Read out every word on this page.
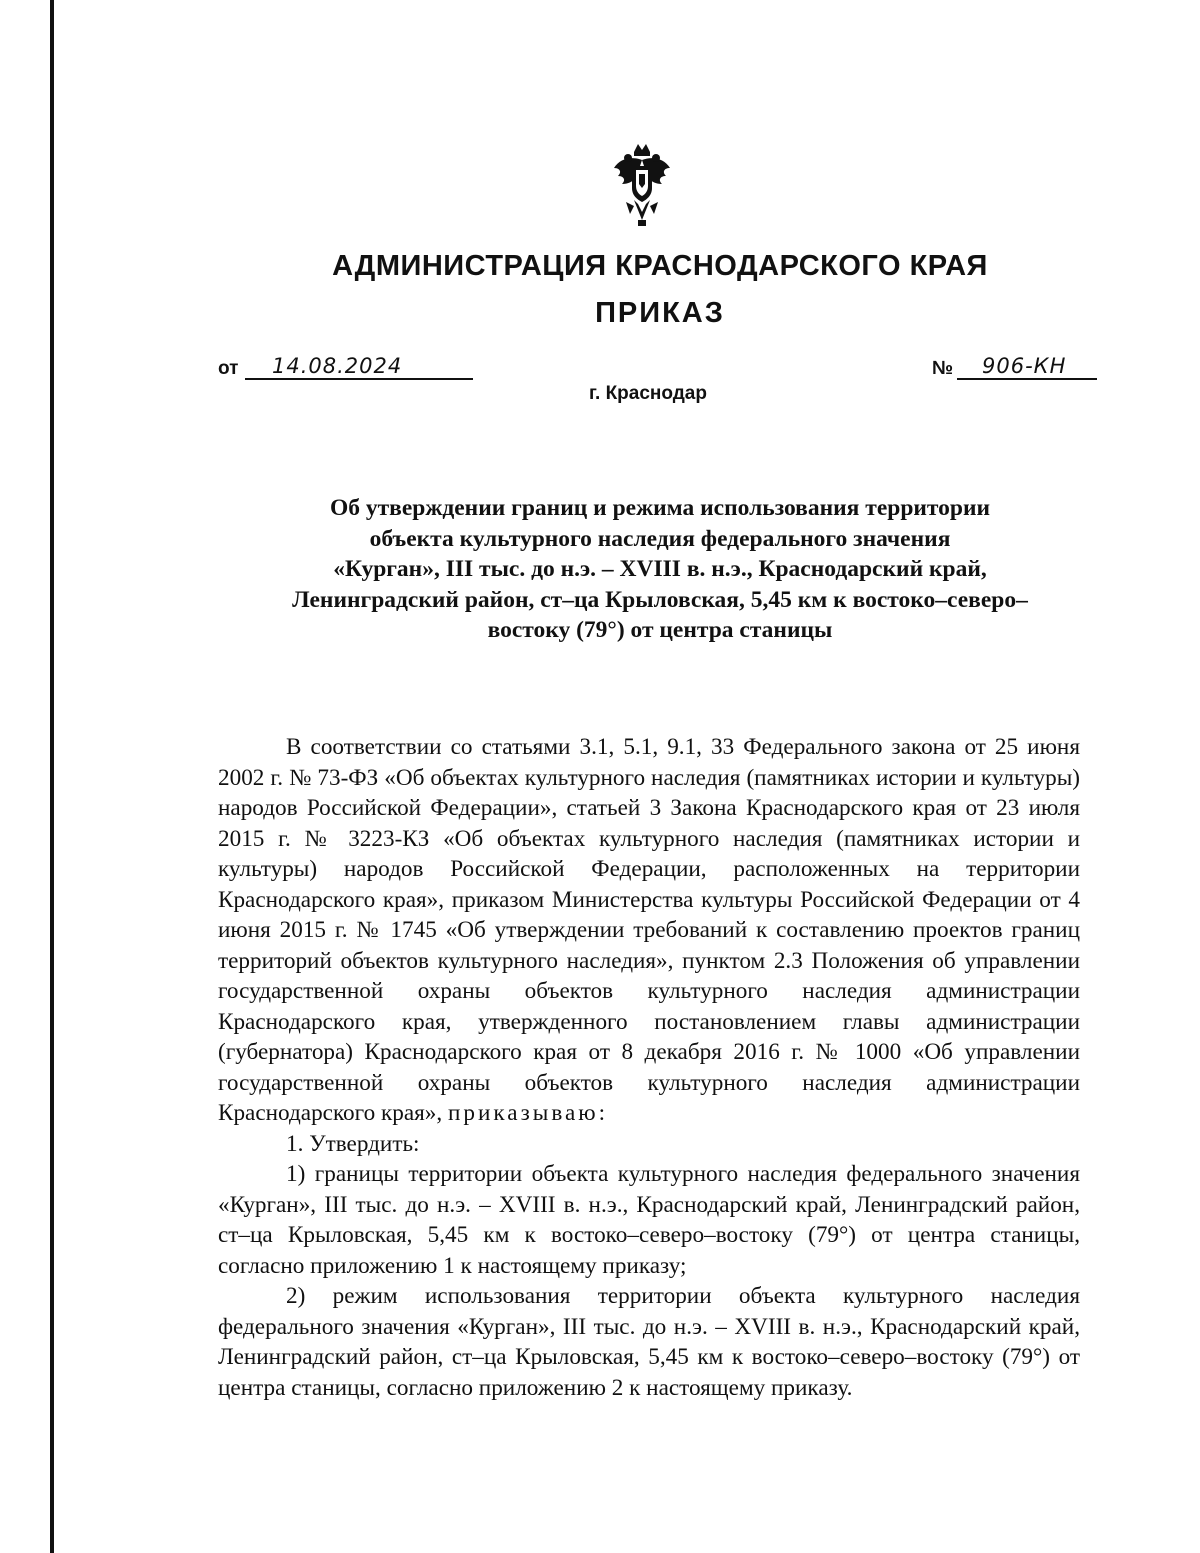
АДМИНИСТРАЦИЯ КРАСНОДАРСКОГО КРАЯ
ПРИКАЗ
от 14.08.2024
г. Краснодар
№ 906-КН
Об утверждении границ и режима использования территории
объекта культурного наследия федерального значения
«Курган», III тыс. до н.э. – XVIII в. н.э., Краснодарский край,
Ленинградский район, ст–ца Крыловская, 5,45 км к востоко–северо–
востоку (79°) от центра станицы

В соответствии со статьями 3.1, 5.1, 9.1, 33 Федерального закона от 25 июня 2002 г. № 73-ФЗ «Об объектах культурного наследия (памятниках истории и культуры) народов Российской Федерации», статьей 3 Закона Краснодарского края от 23 июля 2015 г. № 3223-КЗ «Об объектах культурного наследия (памятниках истории и культуры) народов Российской Федерации, расположенных на территории Краснодарского края», приказом Министерства культуры Российской Федерации от 4 июня 2015 г. № 1745 «Об утверждении требований к составлению проектов границ территорий объектов культурного наследия», пунктом 2.3 Положения об управлении государственной охраны объектов культурного наследия администрации Краснодарского края, утвержденного постановлением главы администрации (губернатора) Краснодарского края от 8 декабря 2016 г. № 1000 «Об управлении государственной охраны объектов культурного наследия администрации Краснодарского края», приказываю:

1. Утвердить:

1) границы территории объекта культурного наследия федерального значения «Курган», III тыс. до н.э. – XVIII в. н.э., Краснодарский край, Ленинградский район, ст–ца Крыловская, 5,45 км к востоко–северо–востоку (79°) от центра станицы, согласно приложению 1 к настоящему приказу;

2) режим использования территории объекта культурного наследия федерального значения «Курган», III тыс. до н.э. – XVIII в. н.э., Краснодарский край, Ленинградский район, ст–ца Крыловская, 5,45 км к востоко–северо–востоку (79°) от центра станицы, согласно приложению 2 к настоящему приказу.
